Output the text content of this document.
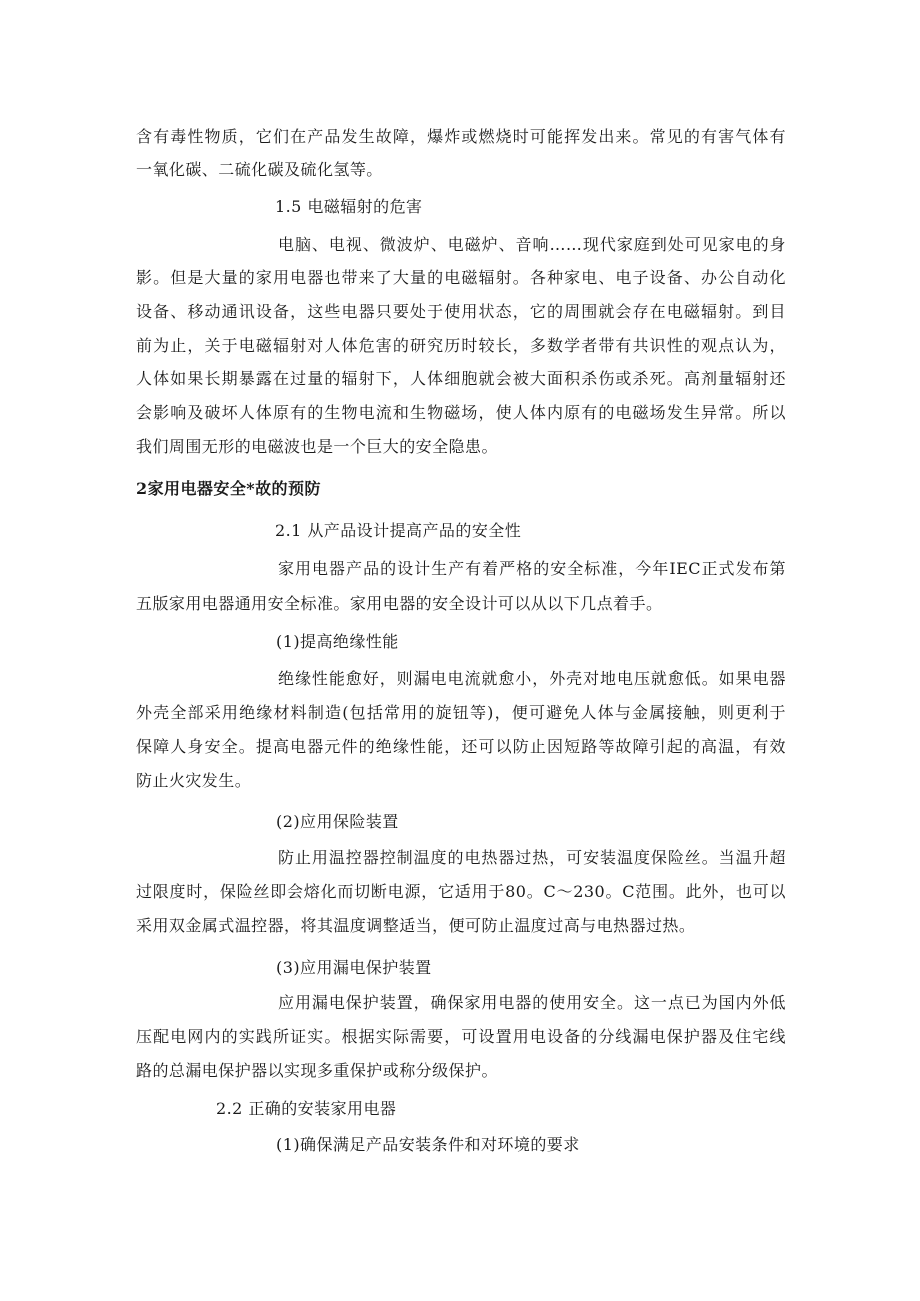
含有毒性物质，它们在产品发生故障，爆炸或燃烧时可能挥发出来。常见的有害气体有
一氧化碳、二硫化碳及硫化氢等。
1.5 电磁辐射的危害
电脑、电视、微波炉、电磁炉、音响……现代家庭到处可见家电的身
影。但是大量的家用电器也带来了大量的电磁辐射。各种家电、电子设备、办公自动化
设备、移动通讯设备，这些电器只要处于使用状态，它的周围就会存在电磁辐射。到目
前为止，关于电磁辐射对人体危害的研究历时较长，多数学者带有共识性的观点认为，
人体如果长期暴露在过量的辐射下，人体细胞就会被大面积杀伤或杀死。高剂量辐射还
会影响及破坏人体原有的生物电流和生物磁场，使人体内原有的电磁场发生异常。所以
我们周围无形的电磁波也是一个巨大的安全隐患。
2家用电器安全*故的预防
2.1 从产品设计提高产品的安全性
家用电器产品的设计生产有着严格的安全标准，今年IEC正式发布第
五版家用电器通用安全标准。家用电器的安全设计可以从以下几点着手。
(1)提高绝缘性能
绝缘性能愈好，则漏电电流就愈小，外壳对地电压就愈低。如果电器
外壳全部采用绝缘材料制造(包括常用的旋钮等)，便可避免人体与金属接触，则更利于
保障人身安全。提高电器元件的绝缘性能，还可以防止因短路等故障引起的高温，有效
防止火灾发生。
(2)应用保险装置
防止用温控器控制温度的电热器过热，可安装温度保险丝。当温升超
过限度时，保险丝即会熔化而切断电源，它适用于80。C～230。C范围。此外，也可以
采用双金属式温控器，将其温度调整适当，便可防止温度过高与电热器过热。
(3)应用漏电保护装置
应用漏电保护装置，确保家用电器的使用安全。这一点已为国内外低
压配电网内的实践所证实。根据实际需要，可设置用电设备的分线漏电保护器及住宅线
路的总漏电保护器以实现多重保护或称分级保护。
2.2 正确的安装家用电器
(1)确保满足产品安装条件和对环境的要求
